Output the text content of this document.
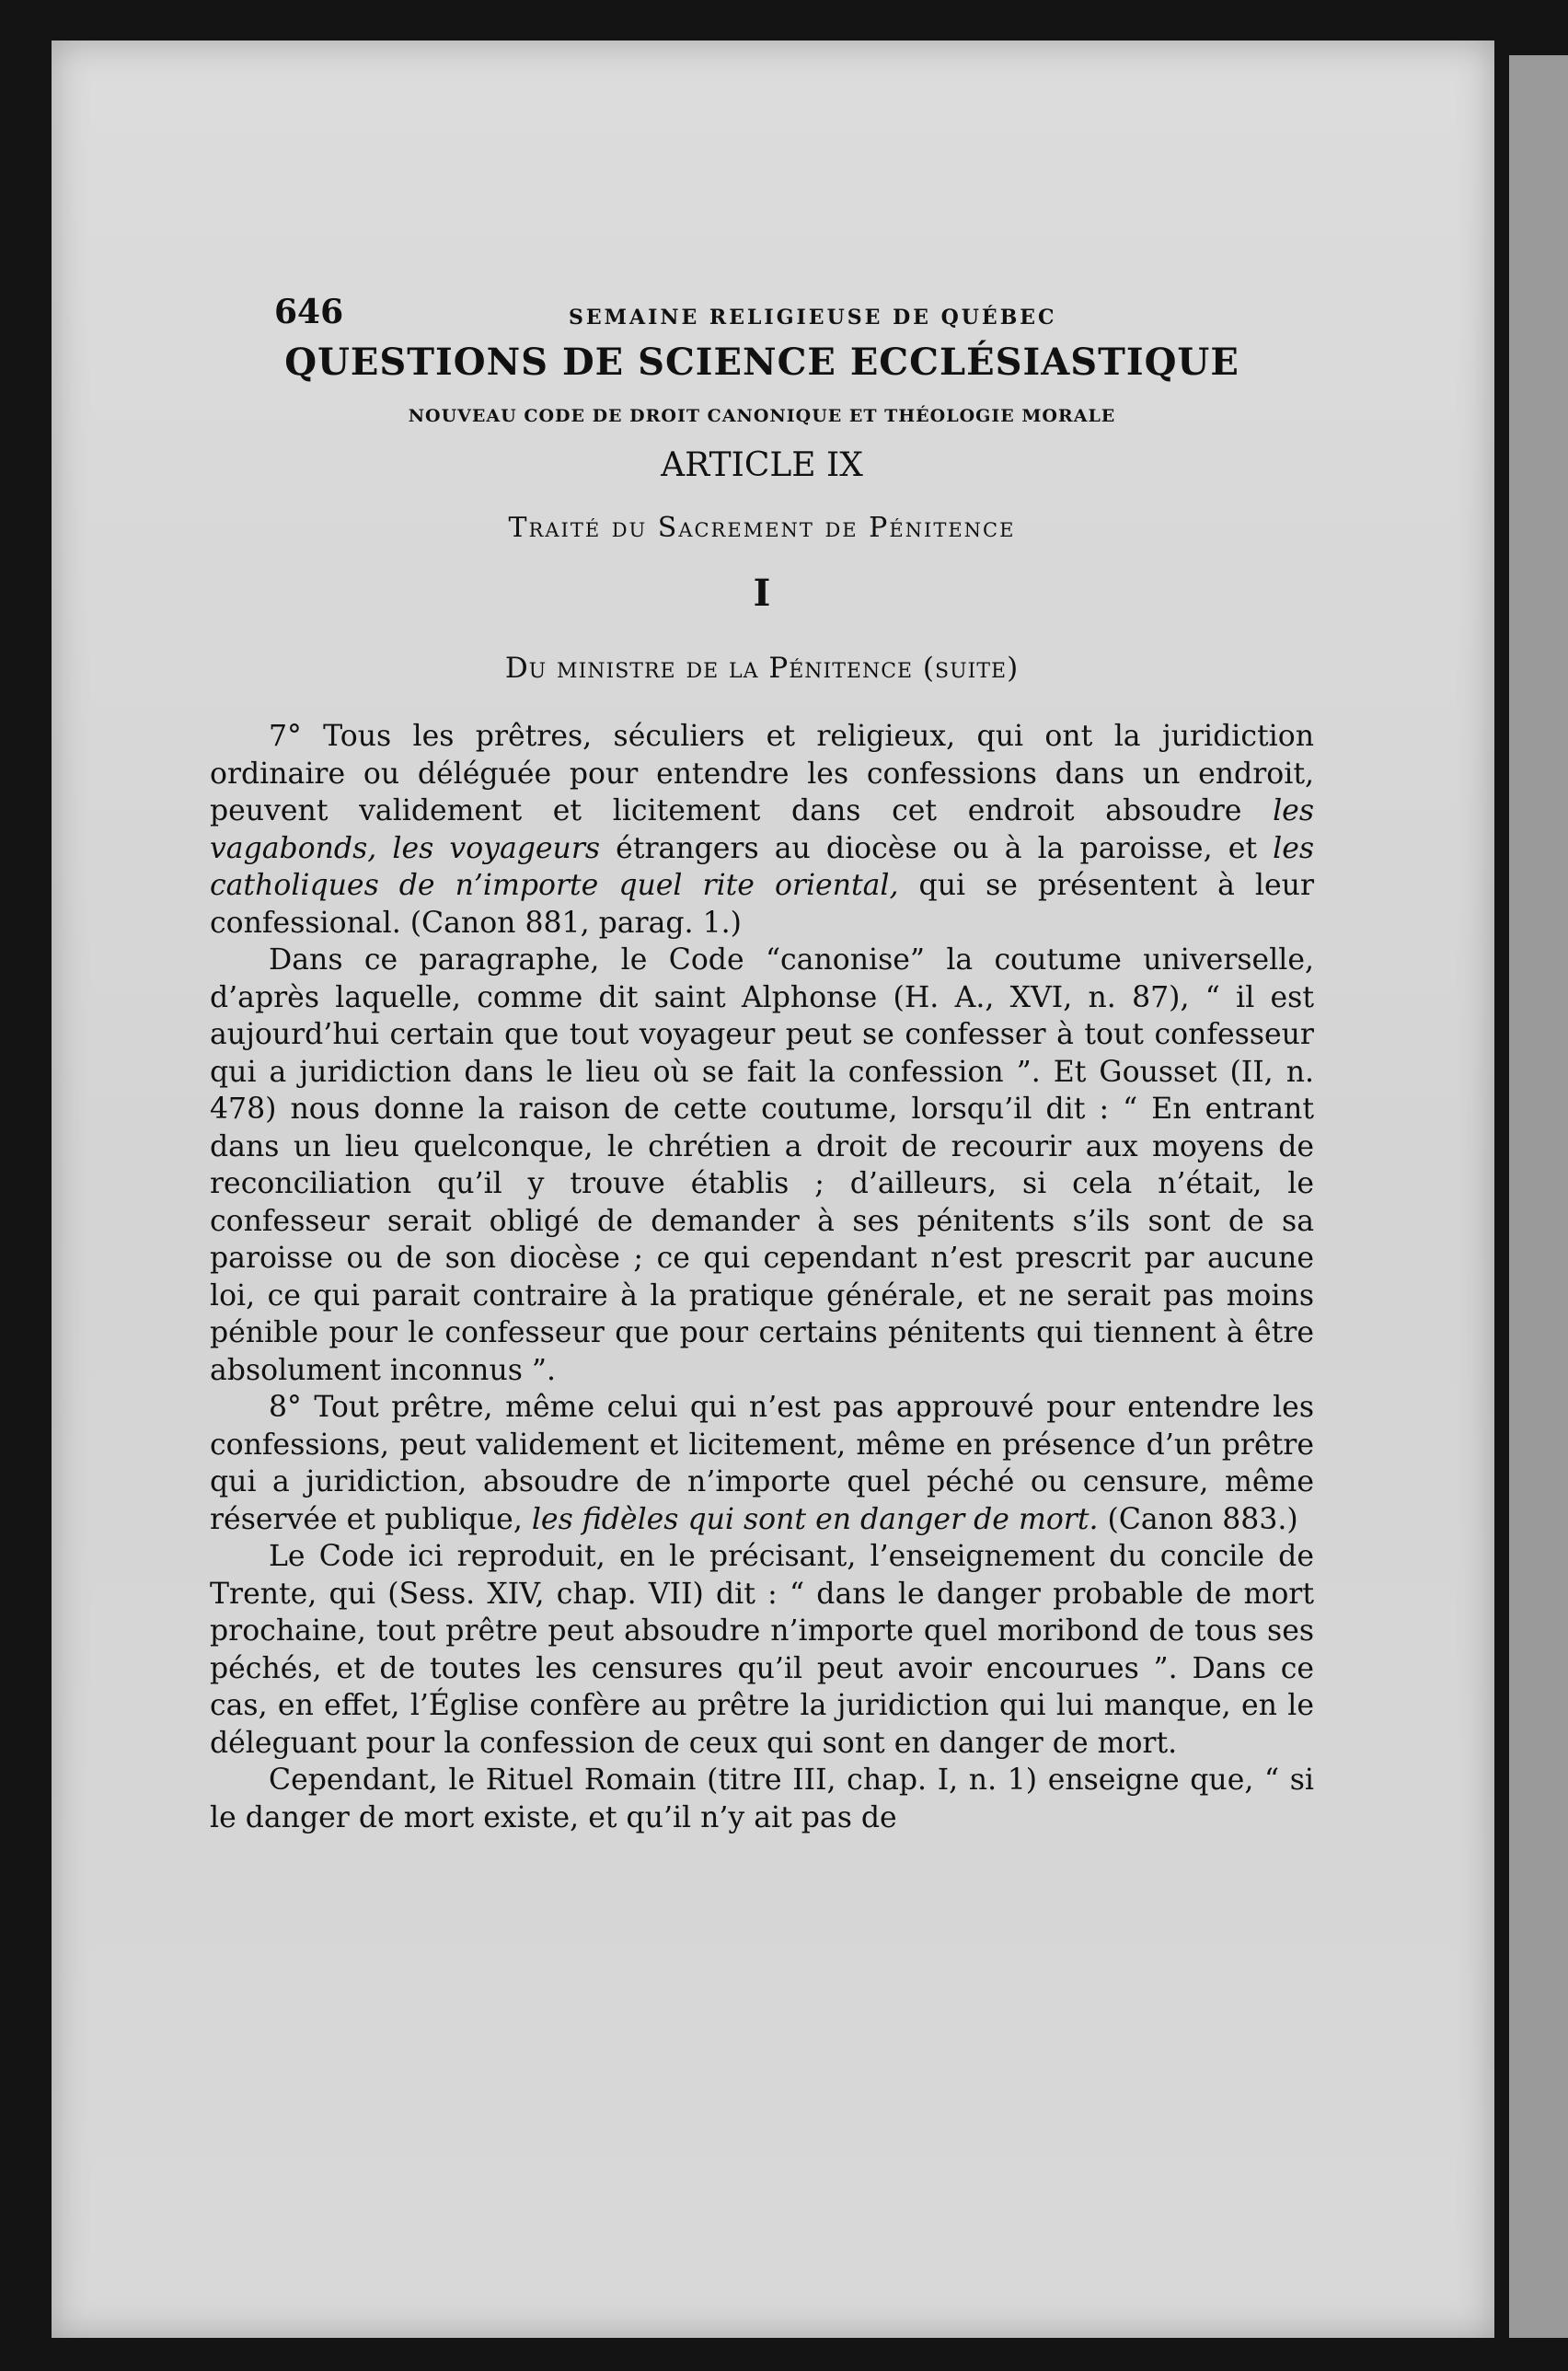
646	SEMAINE RELIGIEUSE DE QUÉBEC
QUESTIONS DE SCIENCE ECCLÉSIASTIQUE
NOUVEAU CODE DE DROIT CANONIQUE ET THÉOLOGIE MORALE
ARTICLE IX
Traité du Sacrement de Pénitence
I
Du ministre de la Pénitence (suite)

7° Tous les prêtres, séculiers et religieux, qui ont la juridiction ordinaire ou déléguée pour entendre les confessions dans un endroit, peuvent validement et licitement dans cet endroit absoudre les vagabonds, les voyageurs étrangers au diocèse ou à la paroisse, et les catholiques de n’importe quel rite oriental, qui se présentent à leur confessional. (Canon 881, parag. 1.)

Dans ce paragraphe, le Code “canonise” la coutume universelle, d’après laquelle, comme dit saint Alphonse (H. A., XVI, n. 87), “ il est aujourd’hui certain que tout voyageur peut se confesser à tout confesseur qui a juridiction dans le lieu où se fait la confession ”. Et Gousset (II, n. 478) nous donne la raison de cette coutume, lorsqu’il dit : “ En entrant dans un lieu quelconque, le chrétien a droit de recourir aux moyens de reconciliation qu’il y trouve établis ; d’ailleurs, si cela n’était, le confesseur serait obligé de demander à ses pénitents s’ils sont de sa paroisse ou de son diocèse ; ce qui cependant n’est prescrit par aucune loi, ce qui parait contraire à la pratique générale, et ne serait pas moins pénible pour le confesseur que pour certains pénitents qui tiennent à être absolument inconnus ”.

8° Tout prêtre, même celui qui n’est pas approuvé pour entendre les confessions, peut validement et licitement, même en présence d’un prêtre qui a juridiction, absoudre de n’importe quel péché ou censure, même réservée et publique, les fidèles qui sont en danger de mort. (Canon 883.)

Le Code ici reproduit, en le précisant, l’enseignement du concile de Trente, qui (Sess. XIV, chap. VII) dit : “ dans le danger probable de mort prochaine, tout prêtre peut absoudre n’importe quel moribond de tous ses péchés, et de toutes les censures qu’il peut avoir encourues ”. Dans ce cas, en effet, l’Église confère au prêtre la juridiction qui lui manque, en le déleguant pour la confession de ceux qui sont en danger de mort.

Cependant, le Rituel Romain (titre III, chap. I, n. 1) enseigne que, “ si le danger de mort existe, et qu’il n’y ait pas de
